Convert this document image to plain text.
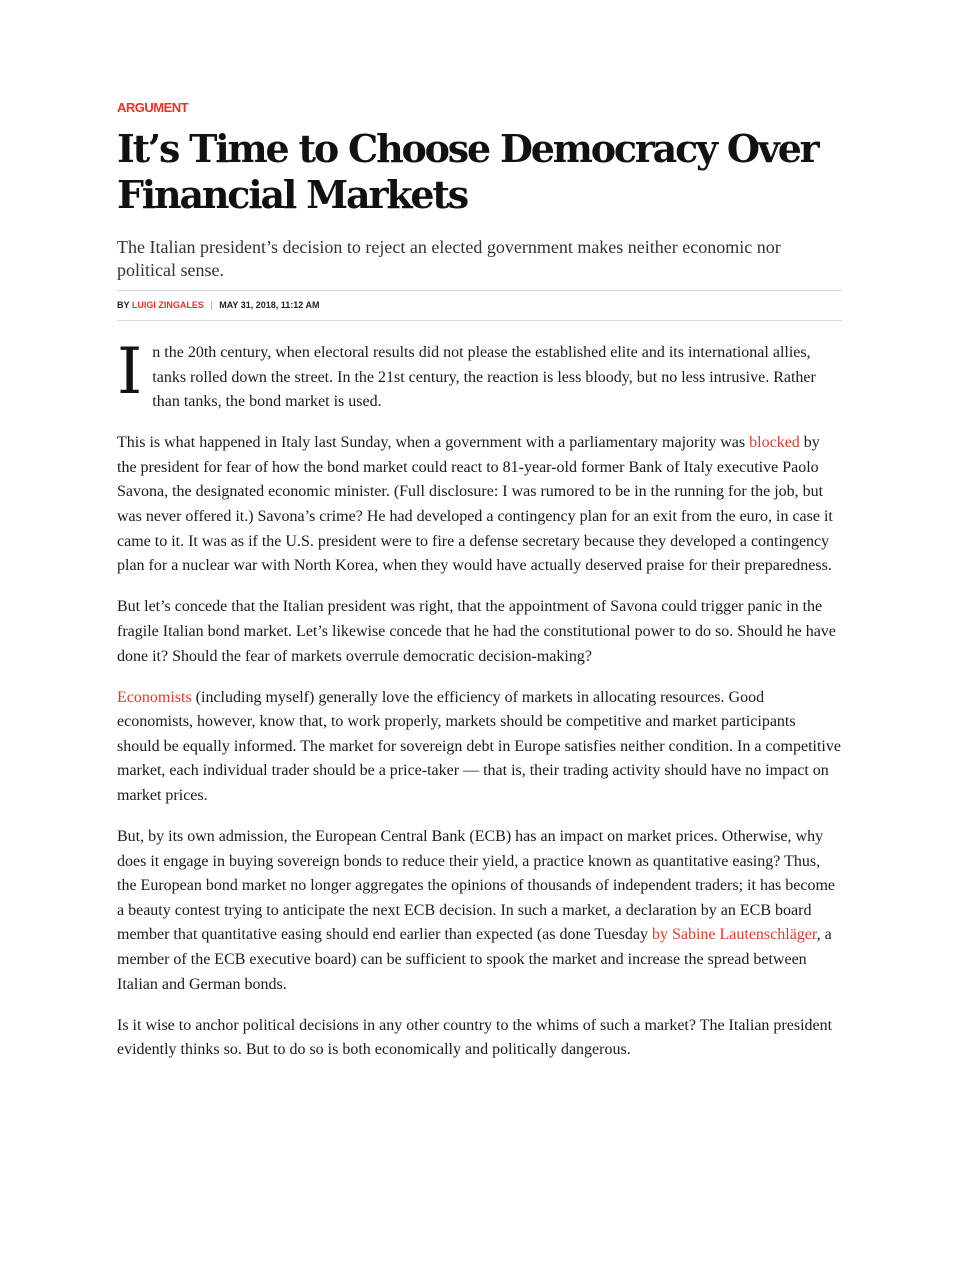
ARGUMENT
It’s Time to Choose Democracy Over Financial Markets
The Italian president’s decision to reject an elected government makes neither economic nor political sense.
BY LUIGI ZINGALES | MAY 31, 2018, 11:12 AM

In the 20th century, when electoral results did not please the established elite and its international allies, tanks rolled down the street. In the 21st century, the reaction is less bloody, but no less intrusive. Rather than tanks, the bond market is used.

This is what happened in Italy last Sunday, when a government with a parliamentary majority was blocked by the president for fear of how the bond market could react to 81-year-old former Bank of Italy executive Paolo Savona, the designated economic minister. (Full disclosure: I was rumored to be in the running for the job, but was never offered it.) Savona’s crime? He had developed a contingency plan for an exit from the euro, in case it came to it. It was as if the U.S. president were to fire a defense secretary because they developed a contingency plan for a nuclear war with North Korea, when they would have actually deserved praise for their preparedness.

But let’s concede that the Italian president was right, that the appointment of Savona could trigger panic in the fragile Italian bond market. Let’s likewise concede that he had the constitutional power to do so. Should he have done it? Should the fear of markets overrule democratic decision-making?

Economists (including myself) generally love the efficiency of markets in allocating resources. Good economists, however, know that, to work properly, markets should be competitive and market participants should be equally informed. The market for sovereign debt in Europe satisfies neither condition. In a competitive market, each individual trader should be a price-taker — that is, their trading activity should have no impact on market prices.

But, by its own admission, the European Central Bank (ECB) has an impact on market prices. Otherwise, why does it engage in buying sovereign bonds to reduce their yield, a practice known as quantitative easing? Thus, the European bond market no longer aggregates the opinions of thousands of independent traders; it has become a beauty contest trying to anticipate the next ECB decision. In such a market, a declaration by an ECB board member that quantitative easing should end earlier than expected (as done Tuesday by Sabine Lautenschläger, a member of the ECB executive board) can be sufficient to spook the market and increase the spread between Italian and German bonds.

Is it wise to anchor political decisions in any other country to the whims of such a market? The Italian president evidently thinks so. But to do so is both economically and politically dangerous.
